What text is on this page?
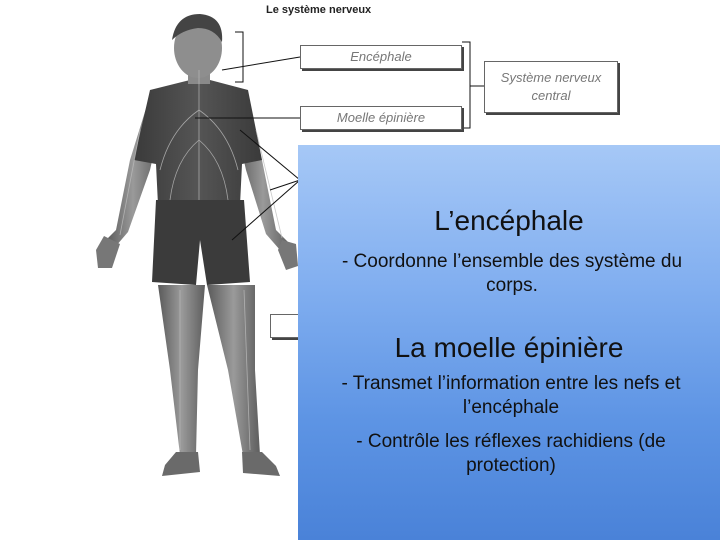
Le système nerveux
Encéphale
Moelle épinière
Système nerveux central
L’encéphale
- Coordonne l’ensemble des système du corps.
La moelle épinière
- Transmet l’information entre les nefs et l’encéphale
- Contrôle les réflexes rachidiens (de protection)
